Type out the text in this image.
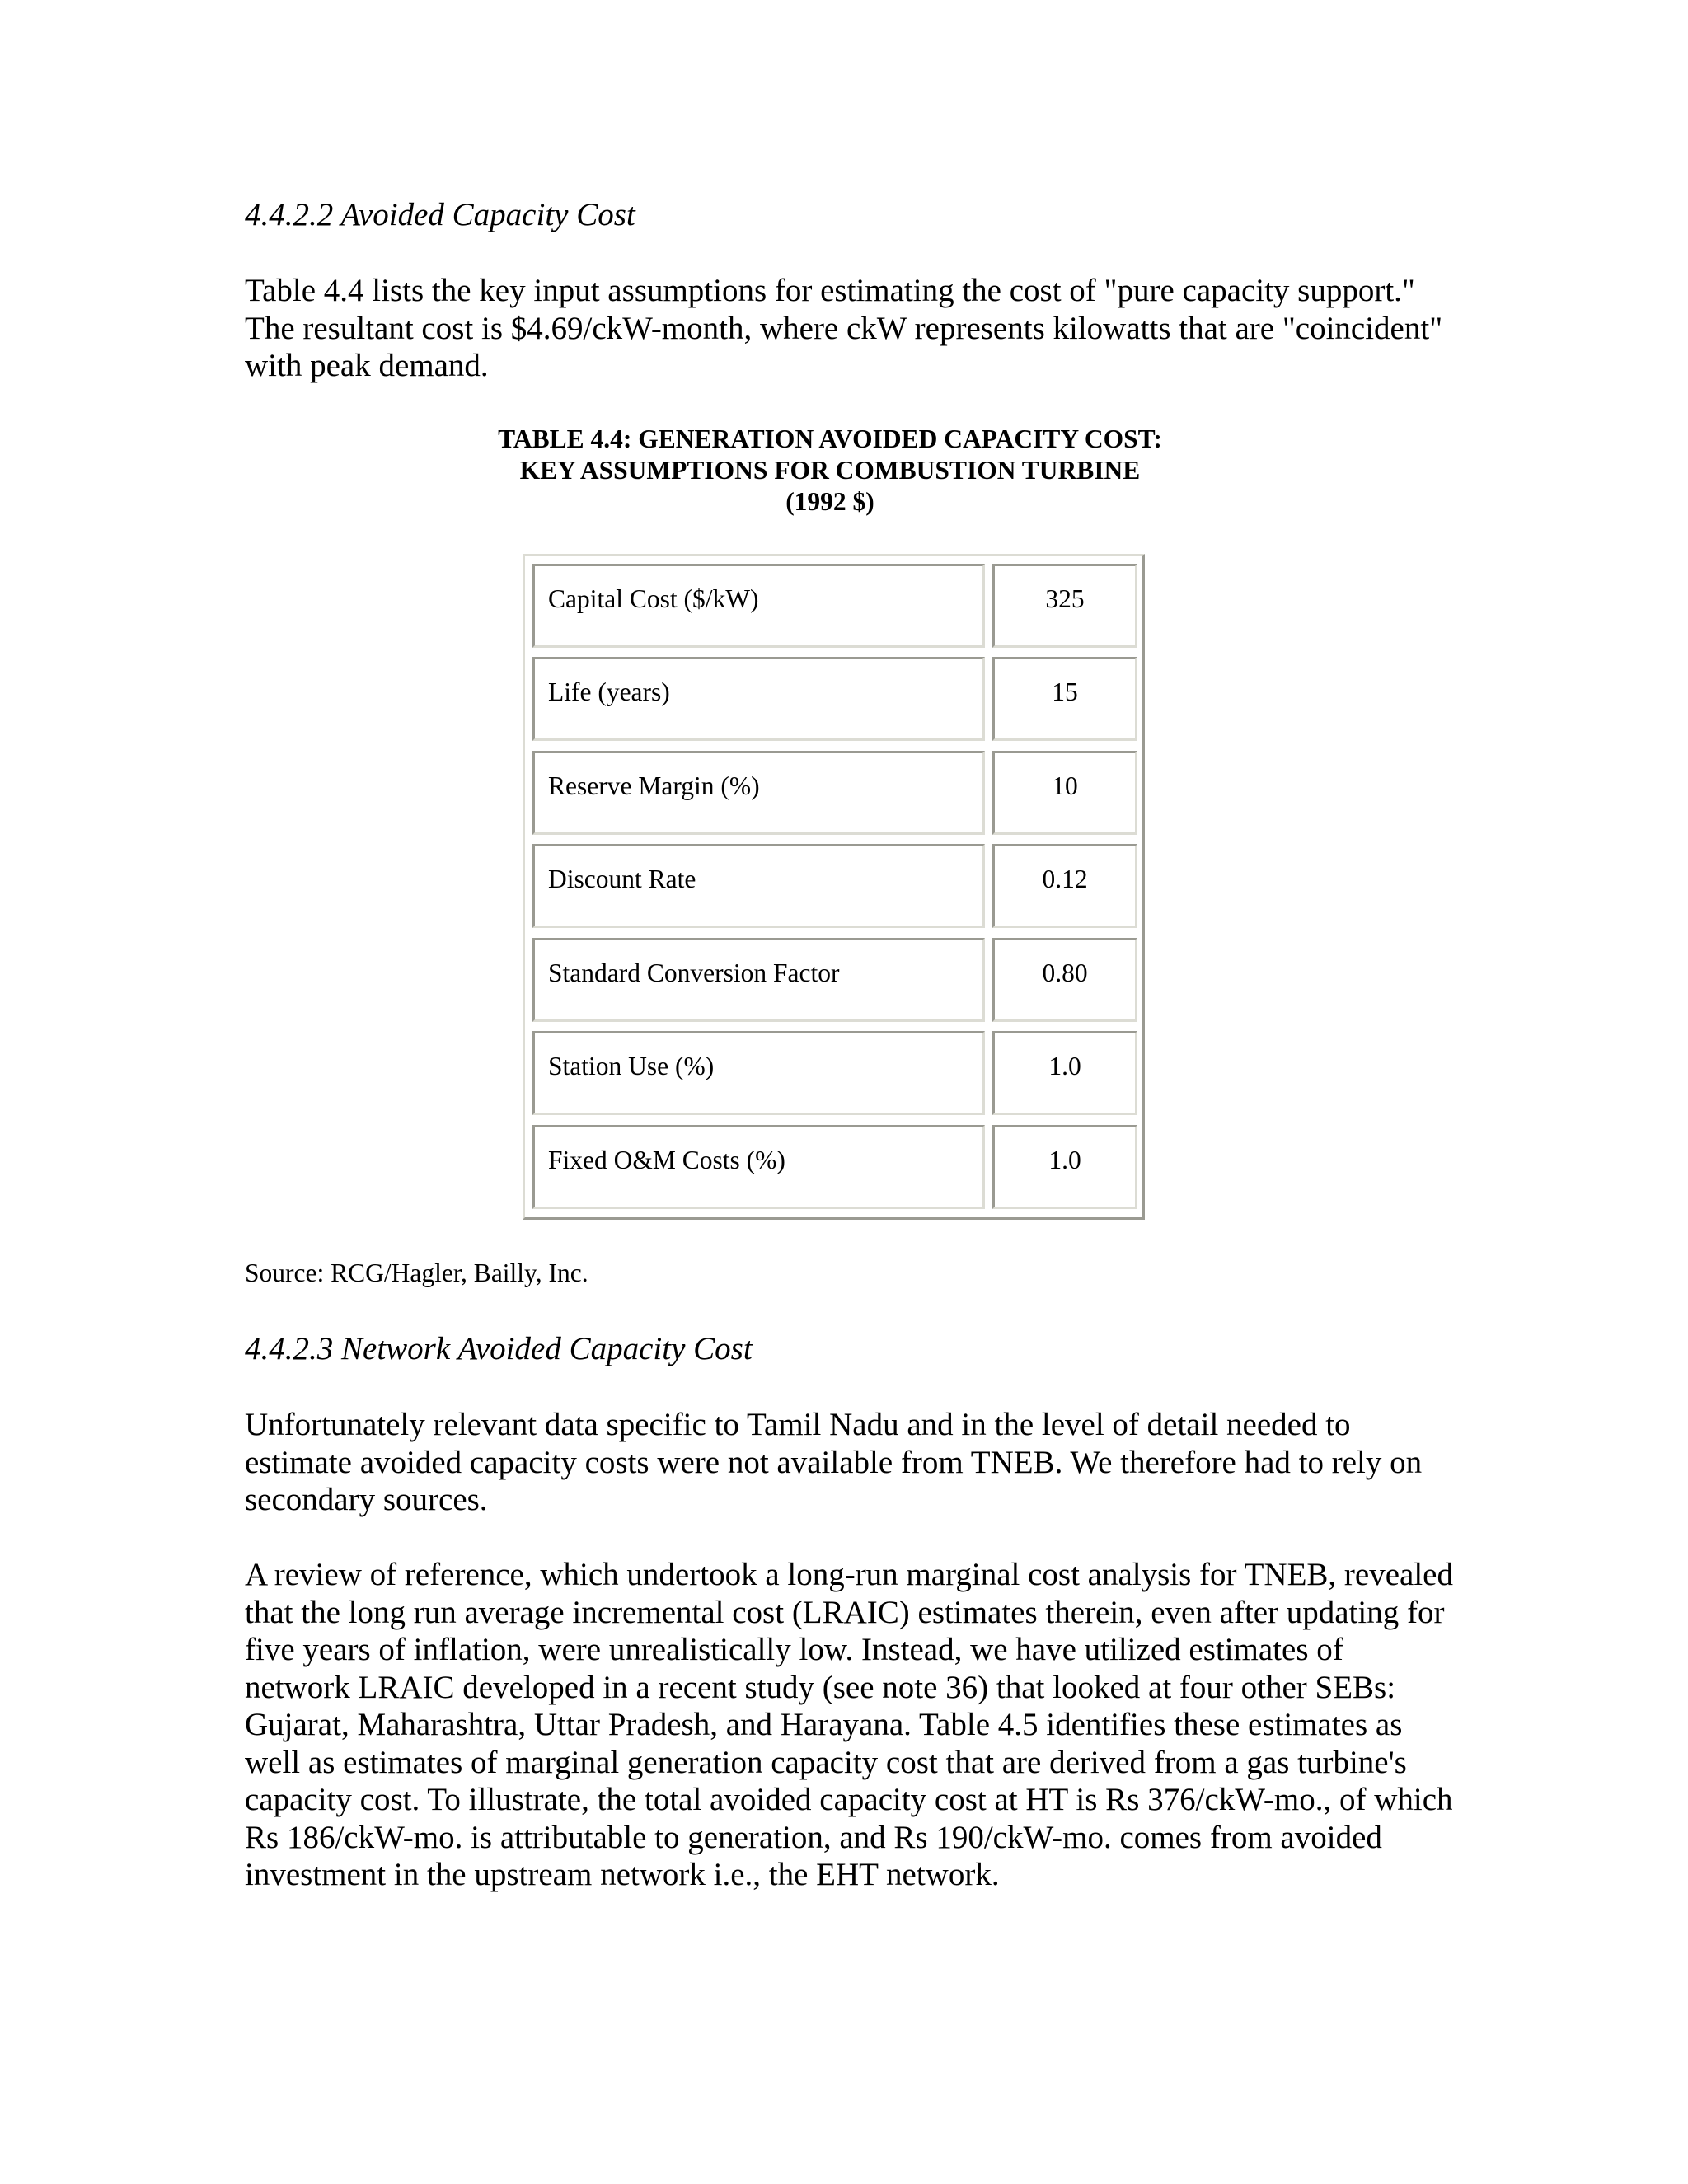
4.4.2.2 Avoided Capacity Cost

Table 4.4 lists the key input assumptions for estimating the cost of "pure capacity support." The resultant cost is $4.69/ckW-month, where ckW represents kilowatts that are "coincident" with peak demand.

TABLE 4.4: GENERATION AVOIDED CAPACITY COST:
KEY ASSUMPTIONS FOR COMBUSTION TURBINE
(1992 $)
Capital Cost ($/kW)	325
Life (years)	15
Reserve Margin (%)	10
Discount Rate	0.12
Standard Conversion Factor	0.80
Station Use (%)	1.0
Fixed O&M Costs (%)	1.0

Source: RCG/Hagler, Bailly, Inc.

4.4.2.3 Network Avoided Capacity Cost

Unfortunately relevant data specific to Tamil Nadu and in the level of detail needed to estimate avoided capacity costs were not available from TNEB. We therefore had to rely on secondary sources.

A review of reference, which undertook a long-run marginal cost analysis for TNEB, revealed that the long run average incremental cost (LRAIC) estimates therein, even after updating for five years of inflation, were unrealistically low. Instead, we have utilized estimates of network LRAIC developed in a recent study (see note 36) that looked at four other SEBs: Gujarat, Maharashtra, Uttar Pradesh, and Harayana. Table 4.5 identifies these estimates as well as estimates of marginal generation capacity cost that are derived from a gas turbine's capacity cost. To illustrate, the total avoided capacity cost at HT is Rs 376/ckW-mo., of which Rs 186/ckW-mo. is attributable to generation, and Rs 190/ckW-mo. comes from avoided investment in the upstream network i.e., the EHT network.
